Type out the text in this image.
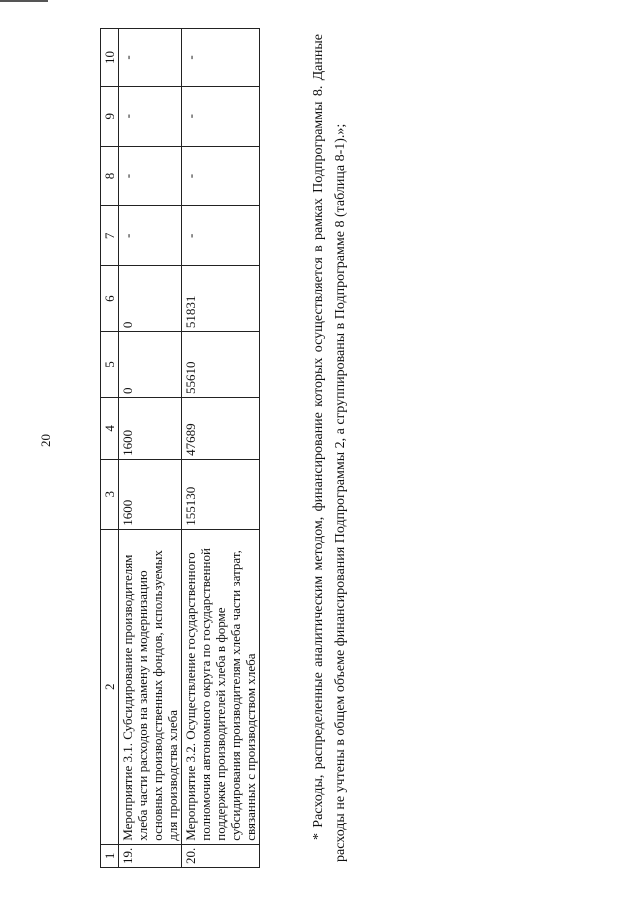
20
1	2	3	4	5	6	7	8	9	10
19.	Мероприятие 3.1. Субсидирование производителям хлеба части расходов на замену и модернизацию основных производственных фондов, используемых для производства хлеба	1600	1600	0	0	-	-	-	-
20.	Мероприятие 3.2. Осуществление государственного полномочия автономного округа по государственной поддержке производителей хлеба в форме субсидирования производителям хлеба части затрат, связанных с производством хлеба	155130	47689	55610	51831	-	-	-	-	* Расходы, распределенные аналитическим методом, финансирование которых осуществляется в рамках Подпрограммы 8. Данные расходы не учтены в общем объеме финансирования Подпрограммы 2, а сгруппированы в Подпрограмме 8 (таблица 8-1).»;
